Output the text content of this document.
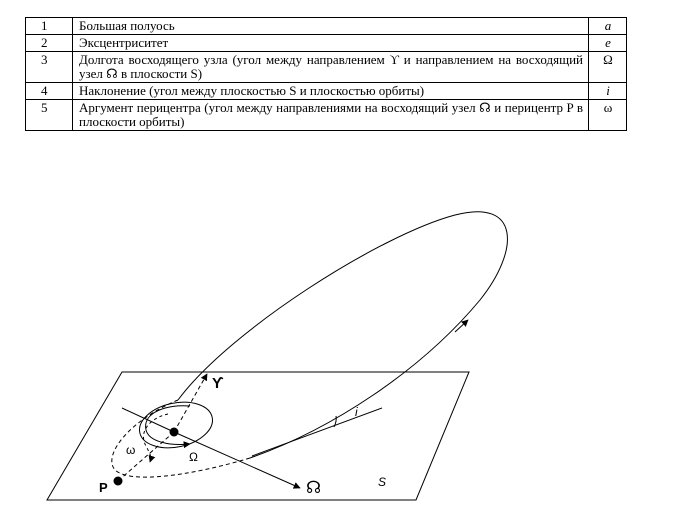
1	Большая полуось	a
2	Эксцентриситет	e
3	Долгота восходящего узла (угол между направлением ϒ и направлением на восходящий узел ☊ в плоскости S)	Ω
4	Наклонение (угол между плоскостью S и плоскостью орбиты)	i
5	Аргумент перицентра (угол между направлениями на восходящий узел ☊ и перицентр P в плоскости орбиты)	ω
ϒ
☊
Ω
ω
i
P	S
